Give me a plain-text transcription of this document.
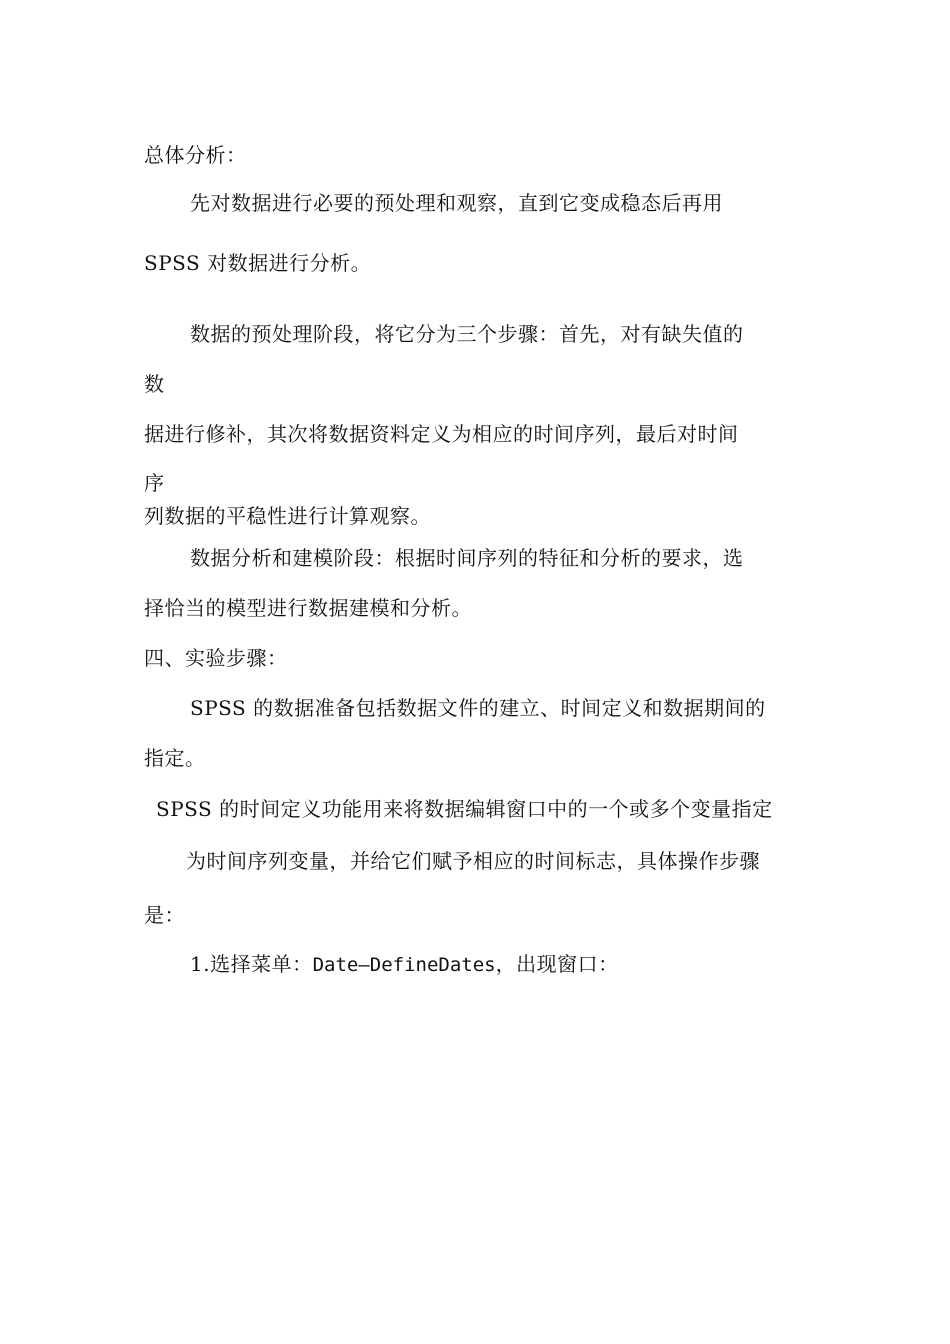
总体分析：
先对数据进行必要的预处理和观察，直到它变成稳态后再用
SPSS 对数据进行分析。
数据的预处理阶段，将它分为三个步骤：首先，对有缺失值的
数
据进行修补，其次将数据资料定义为相应的时间序列，最后对时间
序
列数据的平稳性进行计算观察。
数据分析和建模阶段：根据时间序列的特征和分析的要求，选
择恰当的模型进行数据建模和分析。
四、实验步骤：
SPSS 的数据准备包括数据文件的建立、时间定义和数据期间的
指定。
SPSS 的时间定义功能用来将数据编辑窗口中的一个或多个变量指定
为时间序列变量，并给它们赋予相应的时间标志，具体操作步骤
是：
1.选择菜单：Date—DefineDates，出现窗口：
